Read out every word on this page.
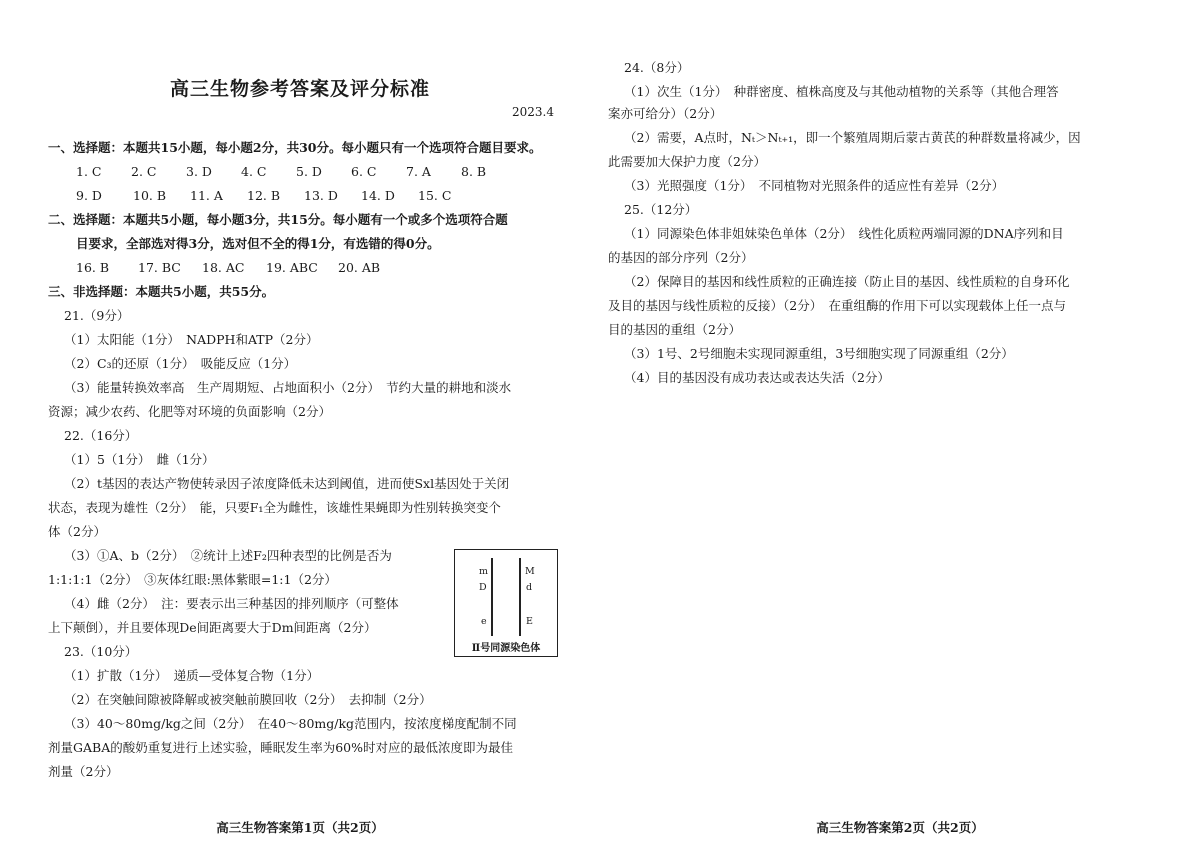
高三生物参考答案及评分标准
2023.4
一、选择题：本题共15小题，每小题2分，共30分。每小题只有一个选项符合题目要求。
1. C	2. C	3. D	4. C	5. D	6. C	7. A	8. B
9. D	10. B	11. A	12. B	13. D	14. D	15. C
二、选择题：本题共5小题，每小题3分，共15分。每小题有一个或多个选项符合题
目要求，全部选对得3分，选对但不全的得1分，有选错的得0分。
16. B	17. BC	18. AC	19. ABC	20. AB
三、非选择题：本题共5小题，共55分。
21.（9分）
（1）太阳能（1分）　NADPH和ATP（2分）
（2）C₃的还原（1分）　吸能反应（1分）
（3）能量转换效率高　生产周期短、占地面积小（2分）　节约大量的耕地和淡水
资源；减少农药、化肥等对环境的负面影响（2分）
22.（16分）
（1）5（1分）　雌（1分）
（2）t基因的表达产物使转录因子浓度降低未达到阈值，进而使Sxl基因处于关闭
状态，表现为雄性（2分）　能，只要F₁全为雌性，该雄性果蝇即为性别转换突变个
体（2分）
（3）①A、b（2分）　②统计上述F₂四种表型的比例是否为
1:1:1:1（2分）　③灰体红眼:黑体紫眼=1:1（2分）
（4）雌（2分）　注：要表示出三种基因的排列顺序（可整体
上下颠倒），并且要体现De间距离要大于Dm间距离（2分）
m
D
e
M
d
E
Ⅱ号同源染色体
23.（10分）
（1）扩散（1分）　递质—受体复合物（1分）
（2）在突触间隙被降解或被突触前膜回收（2分）　去抑制（2分）
（3）40～80mg/kg之间（2分）　在40～80mg/kg范围内，按浓度梯度配制不同
剂量GABA的酸奶重复进行上述实验，睡眠发生率为60%时对应的最低浓度即为最佳
剂量（2分）
高三生物答案第1页（共2页）
24.（8分）
（1）次生（1分）　种群密度、植株高度及与其他动植物的关系等（其他合理答
案亦可给分）（2分）
（2）需要，A点时，Nₜ＞Nₜ₊₁，即一个繁殖周期后蒙古黄芪的种群数量将减少，因
此需要加大保护力度（2分）
（3）光照强度（1分）　不同植物对光照条件的适应性有差异（2分）
25.（12分）
（1）同源染色体非姐妹染色单体（2分）　线性化质粒两端同源的DNA序列和目
的基因的部分序列（2分）
（2）保障目的基因和线性质粒的正确连接（防止目的基因、线性质粒的自身环化
及目的基因与线性质粒的反接）（2分）　在重组酶的作用下可以实现载体上任一点与
目的基因的重组（2分）
（3）1号、2号细胞未实现同源重组，3号细胞实现了同源重组（2分）
（4）目的基因没有成功表达或表达失活（2分）
高三生物答案第2页（共2页）
